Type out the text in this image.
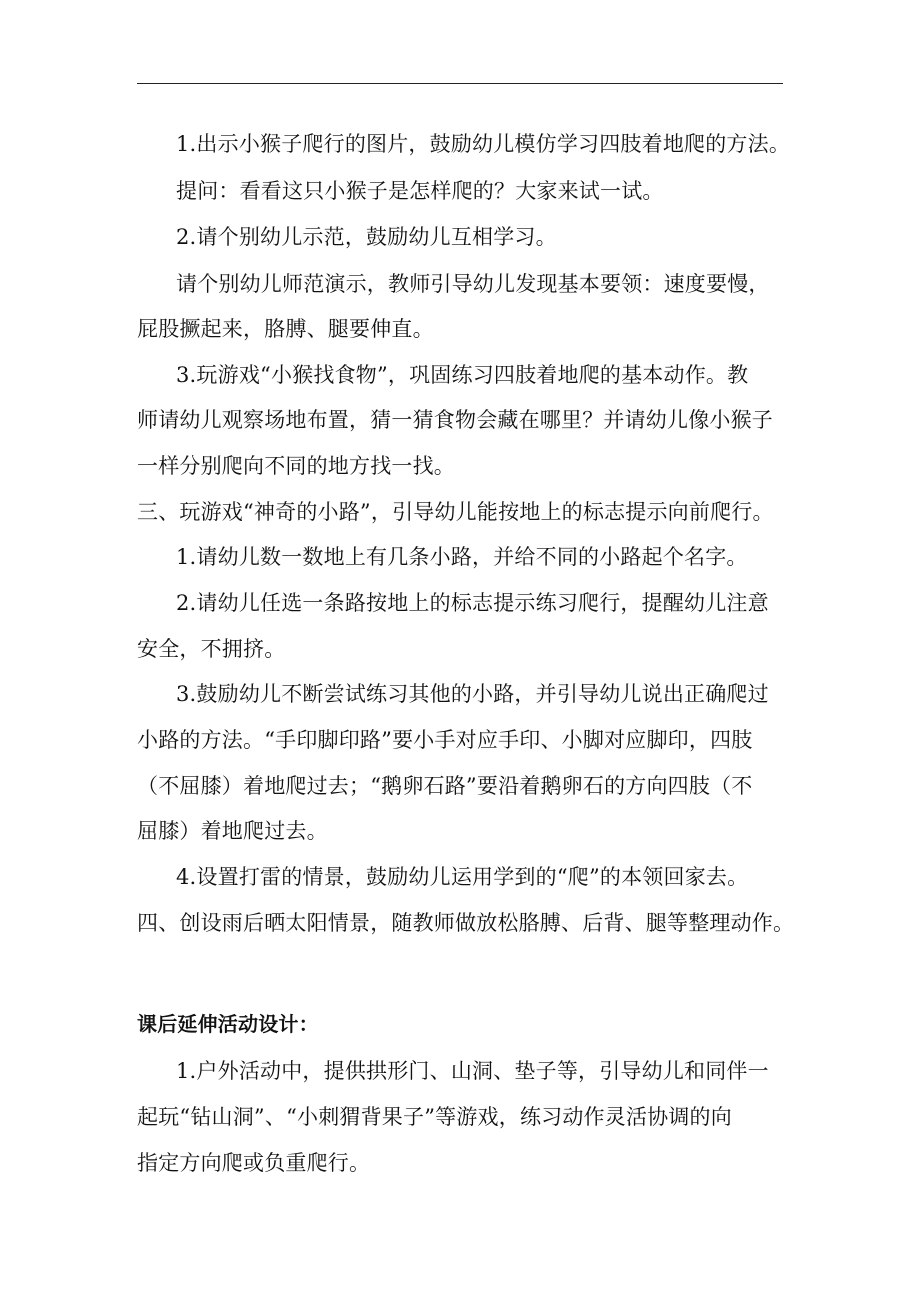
1.出示小猴子爬行的图片，鼓励幼儿模仿学习四肢着地爬的方法。
提问：看看这只小猴子是怎样爬的？大家来试一试。
2.请个别幼儿示范，鼓励幼儿互相学习。
请个别幼儿师范演示，教师引导幼儿发现基本要领：速度要慢，
屁股撅起来，胳膊、腿要伸直。
3.玩游戏“小猴找食物”，巩固练习四肢着地爬的基本动作。教
师请幼儿观察场地布置，猜一猜食物会藏在哪里？并请幼儿像小猴子
一样分别爬向不同的地方找一找。
三、玩游戏“神奇的小路”，引导幼儿能按地上的标志提示向前爬行。
1.请幼儿数一数地上有几条小路，并给不同的小路起个名字。
2.请幼儿任选一条路按地上的标志提示练习爬行，提醒幼儿注意
安全，不拥挤。
3.鼓励幼儿不断尝试练习其他的小路，并引导幼儿说出正确爬过
小路的方法。“手印脚印路”要小手对应手印、小脚对应脚印，四肢
（不屈膝）着地爬过去；“鹅卵石路”要沿着鹅卵石的方向四肢（不
屈膝）着地爬过去。
4.设置打雷的情景，鼓励幼儿运用学到的“爬”的本领回家去。
四、创设雨后晒太阳情景，随教师做放松胳膊、后背、腿等整理动作。
课后延伸活动设计：
1.户外活动中，提供拱形门、山洞、垫子等，引导幼儿和同伴一
起玩“钻山洞”、“小刺猬背果子”等游戏，练习动作灵活协调的向
指定方向爬或负重爬行。
